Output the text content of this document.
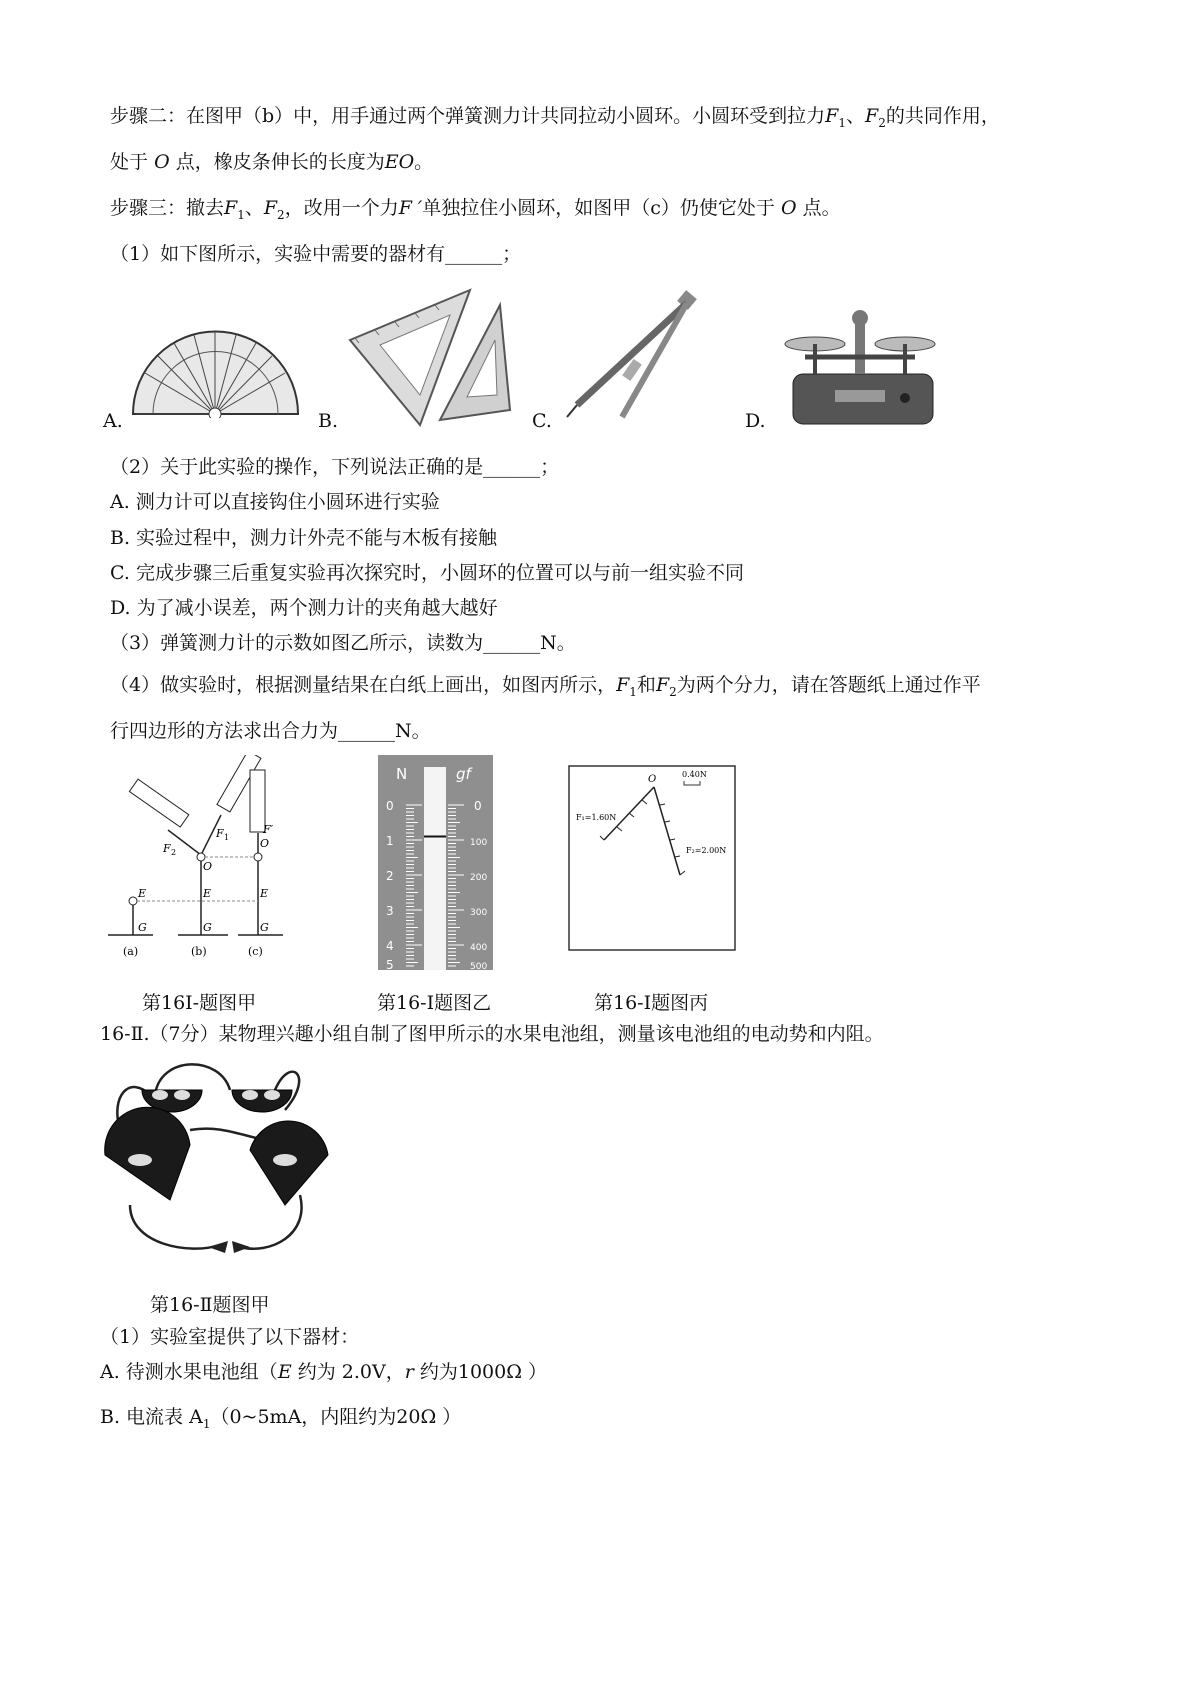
步骤二：在图甲（b）中，用手通过两个弹簧测力计共同拉动小圆环。小圆环受到拉力$F_1$、$F_2$的共同作用，
处于 O 点，橡皮条伸长的长度为EO。
步骤三：撤去$F_1$、$F_2$，改用一个力F ′单独拉住小圆环，如图甲（c）仍使它处于 O 点。
（1）如下图所示，实验中需要的器材有______；
A.	B.	C.	D.
（2）关于此实验的操作，下列说法正确的是______；
A. 测力计可以直接钩住小圆环进行实验
B. 实验过程中，测力计外壳不能与木板有接触
C. 完成步骤三后重复实验再次探究时，小圆环的位置可以与前一组实验不同
D. 为了减小误差，两个测力计的夹角越大越好
（3）弹簧测力计的示数如图乙所示，读数为______N。
（4）做实验时，根据测量结果在白纸上画出，如图丙所示，$F_1$和$F_2$为两个分力，请在答题纸上通过作平
行四边形的方法求出合力为______N。
F 2
F 1
F′
O
O
E	E	E
G	G	G
(a)	(b)	(c)
N	gf
0
1
2
3
4
5
0
100
200
300
400
500
0.40N
O
F₁=1.60N
F₂=2.00N
第16Ⅰ-题图甲	第16-Ⅰ题图乙	第16-Ⅰ题图丙
16-Ⅱ.（7分）某物理兴趣小组自制了图甲所示的水果电池组，测量该电池组的电动势和内阻。
第16-Ⅱ题图甲
（1）实验室提供了以下器材：
A. 待测水果电池组（E 约为 2.0V，r 约为1000Ω ）
B. 电流表 $A_1(0\sim 5mA$，内阻约为20Ω ）
